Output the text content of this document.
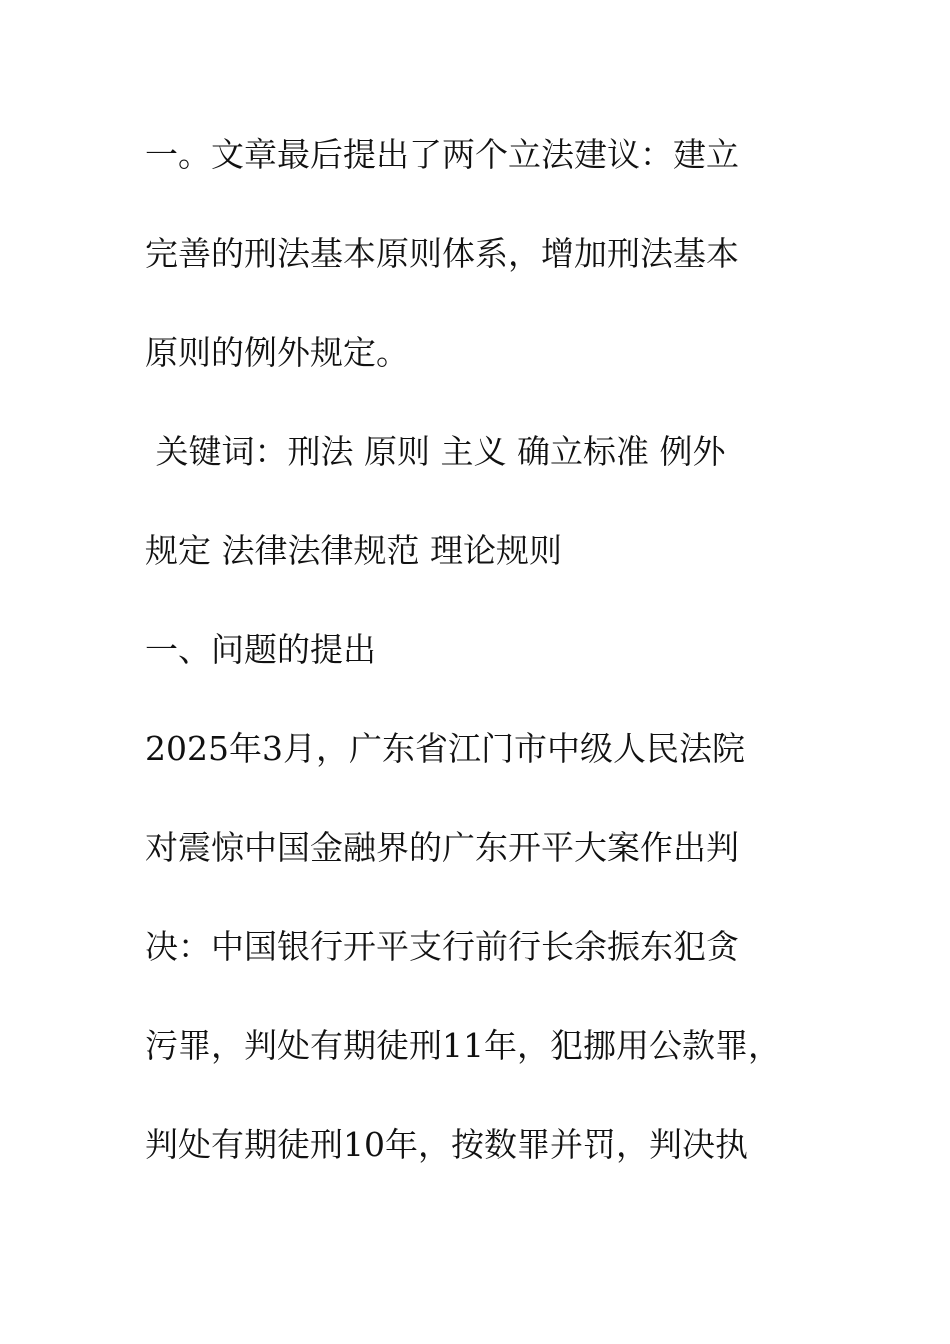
一。文章最后提出了两个立法建议：建立
完善的刑法基本原则体系，增加刑法基本
原则的例外规定。
关键词：刑法 原则 主义 确立标准 例外
规定 法律法律规范 理论规则
一、问题的提出
2025年3月，广东省江门市中级人民法院
对震惊中国金融界的广东开平大案作出判
决：中国银行开平支行前行长余振东犯贪
污罪，判处有期徒刑11年，犯挪用公款罪，
判处有期徒刑10年，按数罪并罚，判决执
